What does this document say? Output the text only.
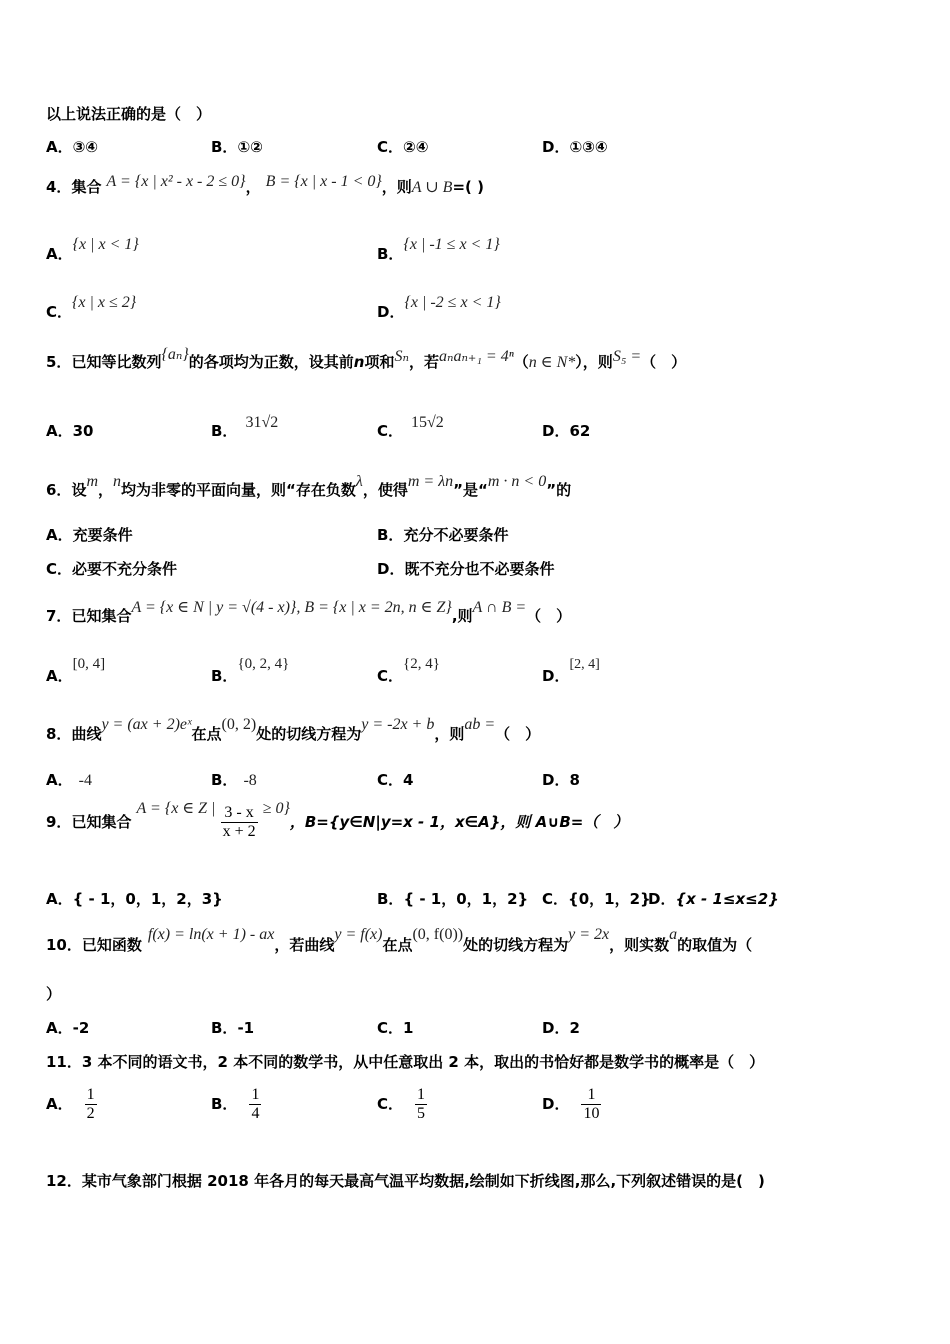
以上说法正确的是（　）
A．③④	B．①②	C．②④	D．①③④
4．集合 A = {x | x² - x - 2 ≤ 0}， B = {x | x - 1 < 0}，则A ∪ B=( )
A．{x | x < 1}
B．{x | -1 ≤ x < 1}
C．{x | x ≤ 2}
D．{x | -2 ≤ x < 1}
5．已知等比数列{aₙ}的各项均为正数，设其前n项和Sₙ，若aₙaₙ₊₁ = 4ⁿ（n ∈ N*），则S₅ =（　）
A．30	B． 31√2	C． 15√2	D．62
6．设m，n均为非零的平面向量，则“存在负数λ，使得m = λn”是“m · n < 0”的
A．充要条件	B．充分不必要条件
C．必要不充分条件	D．既不充分也不必要条件
7．已知集合A = {x ∈ N | y = √(4 - x)}, B = {x | x = 2n, n ∈ Z},则A ∩ B =（　）
A．[0, 4]
B．{0, 2, 4}
C．{2, 4}
D．[2, 4]
8．曲线y = (ax + 2)eˣ在点(0, 2)处的切线方程为y = -2x + b，则ab =（　）
A． -4	B． -8	C．4	D．8
9．已知集合 A = {x ∈ Z | $\frac{3 - x}{x + 2} \ge 0$}，B={y∈N|y=x - 1，x∈A}，则 A∪B=（　）
A．{ - 1，0，1，2，3}	B．{ - 1，0，1，2} C．{0，1，2}
D．{x - 1≤x≤2}
10．已知函数f(x) = ln(x + 1) - ax，若曲线y = f(x)在点(0, f(0))处的切线方程为y = 2x，则实数a的取值为（
）
A．-2	B．-1	C．1	D．2
11．3 本不同的语文书，2 本不同的数学书，从中任意取出 2 本，取出的书恰好都是数学书的概率是（　）
A． $\frac{1}{2}$	B． $\frac{1}{4}$	C． $\frac{1}{5}$	D． $\frac{1}{10}$
12．某市气象部门根据 2018 年各月的每天最高气温平均数据,绘制如下折线图,那么,下列叙述错误的是(　)
